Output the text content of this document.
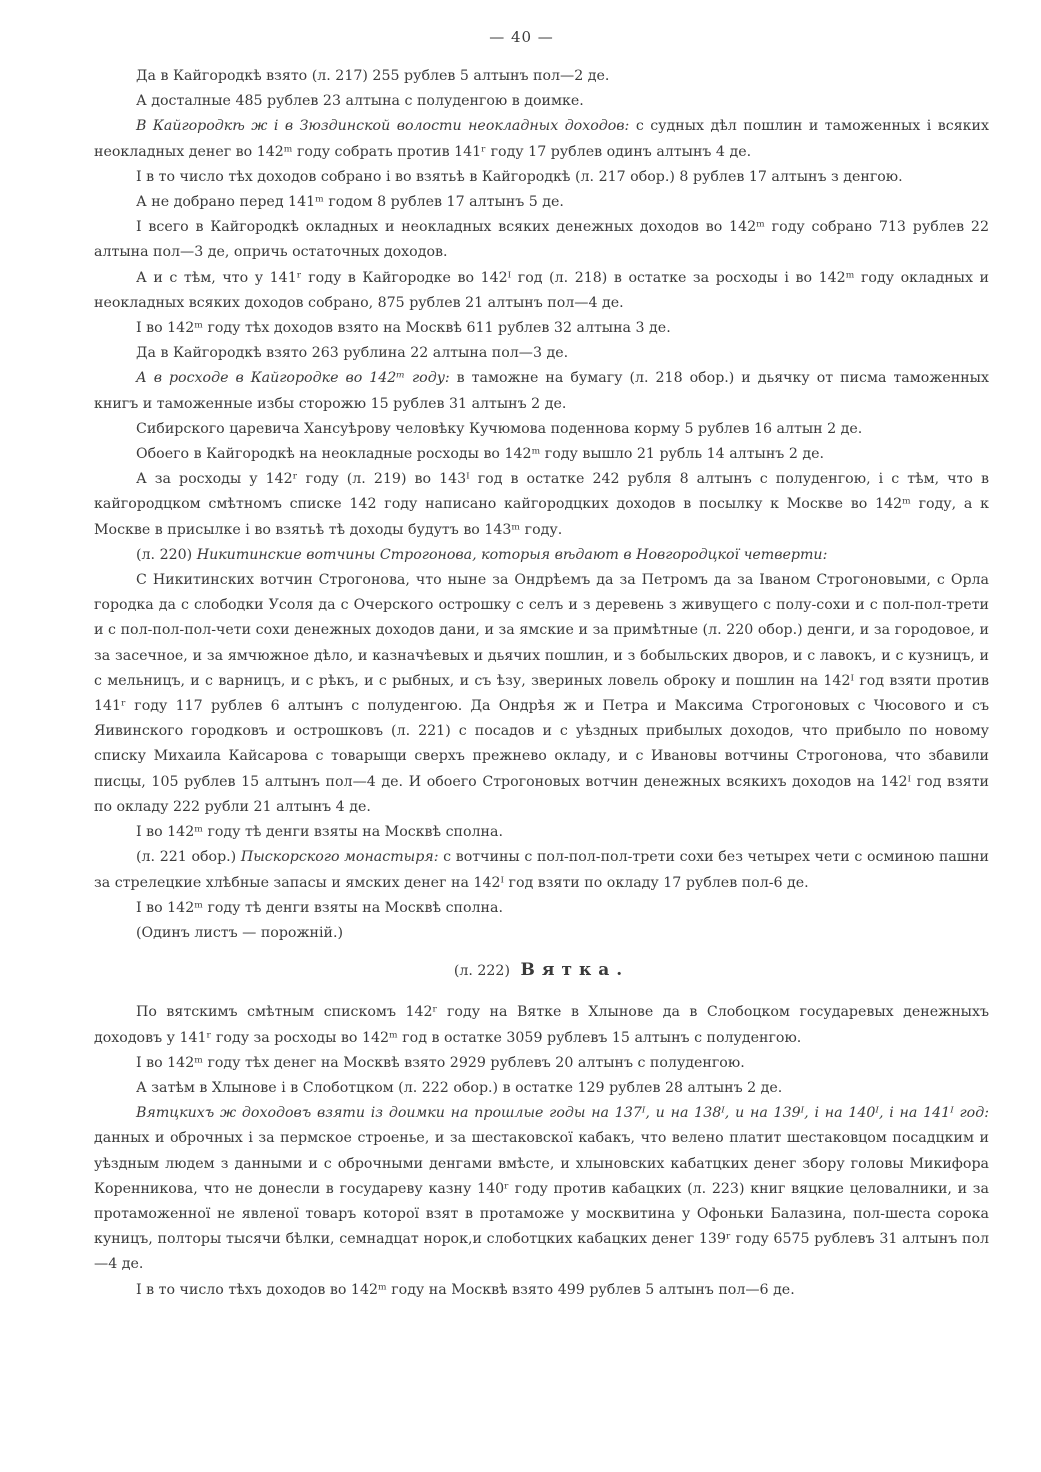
— 40 —

Да в Кайгородкѣ взято (л. 217) 255 рублев 5 алтынъ пол—2 де.

А досталные 485 рублев 23 алтына с полуденгою в доимке.

В Кайгородкѣ ж і в Зюздинской волости неокладных доходов: с судных дѣл пошлин и таможенных і всяких неокладных денег во 142ᵐ году собрать против 141ʳ году 17 рублев одинъ алтынъ 4 де.

І в то число тѣх доходов собрано і во взятьѣ в Кайгородкѣ (л. 217 обор.) 8 рублев 17 алтынъ з денгою.

А не добрано перед 141ᵐ годом 8 рублев 17 алтынъ 5 де.

І всего в Кайгородкѣ окладных и неокладных всяких денежных доходов во 142ᵐ году собрано 713 рублев 22 алтына пол—3 де, опричь остаточных доходов.

А и с тѣм, что у 141ʳ году в Кайгородке во 142ᴵ год (л. 218) в остатке за росходы і во 142ᵐ году окладных и неокладных всяких доходов собрано, 875 рублев 21 алтынъ пол—4 де.

І во 142ᵐ году тѣх доходов взято на Москвѣ 611 рублев 32 алтына 3 де.

Да в Кайгородкѣ взято 263 рублина 22 алтына пол—3 де.

А в росходе в Кайгородке во 142ᵐ году: в таможне на бумагу (л. 218 обор.) и дьячку от писма таможенных книгъ и таможенные избы сторожю 15 рублев 31 алтынъ 2 де.

Сибирского царевича Хансуѣрову человѣку Кучюмова поденнова корму 5 рублев 16 алтын 2 де.

Обоего в Кайгородкѣ на неокладные росходы во 142ᵐ году вышло 21 рубль 14 алтынъ 2 де.

А за росходы у 142ʳ году (л. 219) во 143ᴵ год в остатке 242 рубля 8 алтынъ с полуденгою, і с тѣм, что в кайгородцком смѣтномъ списке 142 году написано кайгородцких доходов в посылку к Москве во 142ᵐ году, а к Москве в присылке і во взятьѣ тѣ доходы будутъ во 143ᵐ году.

(л. 220) Никитинские вотчины Строгонова, которыя вѣдают в Новгородцкої четверти:

С Никитинских вотчин Строгонова, что ныне за Ондрѣемъ да за Петромъ да за Іваном Строгоновыми, с Орла городка да с слободки Усоля да с Очерского острошку с селъ и з деревень з живущего с полу-сохи и с пол-пол-трети и с пол-пол-пол-чети сохи денежных доходов дани, и за ямские и за примѣтные (л. 220 обор.) денги, и за городовое, и за засечное, и за ямчюжное дѣло, и казначѣевых и дьячих пошлин, и з бобыльских дворов, и с лавокъ, и с кузницъ, и с мельницъ, и с варницъ, и с рѣкъ, и с рыбных, и съ ѣзу, звериных ловель оброку и пошлин на 142ᴵ год взяти против 141ʳ году 117 рублев 6 алтынъ с полуденгою. Да Ондрѣя ж и Петра и Максима Строгоновых с Чюсового и съ Яивинского городковъ и острошковъ (л. 221) с посадов и с уѣздных прибылых доходов, что прибыло по новому списку Михаила Кайсарова с товарыщи сверхъ прежнево окладу, и с Ивановы вотчины Строгонова, что збавили писцы, 105 рублев 15 алтынъ пол—4 де. И обоего Строгоновых вотчин денежных всякихъ доходов на 142ᴵ год взяти по окладу 222 рубли 21 алтынъ 4 де.

І во 142ᵐ году тѣ денги взяты на Москвѣ сполна.

(л. 221 обор.) Пыскорского монастыря: с вотчины с пол-пол-пол-трети сохи без четырех чети с осминою пашни за стрелецкие хлѣбные запасы и ямских денег на 142ᴵ год взяти по окладу 17 рублев пол-6 де.

І во 142ᵐ году тѣ денги взяты на Москвѣ сполна.

(Одинъ листъ — порожній.)

(л. 222) Вятка.

По вятскимъ смѣтным спискомъ 142ʳ году на Вятке в Хлынове да в Слобоцком государевых денежныхъ доходовъ у 141ʳ году за росходы во 142ᵐ год в остатке 3059 рублевъ 15 алтынъ с полуденгою.

І во 142ᵐ году тѣх денег на Москвѣ взято 2929 рублевъ 20 алтынъ с полуденгою.

А затѣм в Хлынове і в Слоботцком (л. 222 обор.) в остатке 129 рублев 28 алтынъ 2 де.

Вятцкихъ ж доходовъ взяти із доимки на прошлые годы на 137ᴵ, и на 138ᴵ, и на 139ᴵ, і на 140ᴵ, і на 141ᴵ год: данных и оброчных і за пермское строенье, и за шестаковскої кабакъ, что велено платит шестаковцом посадцким и уѣздным людем з данными и с оброчными денгами вмѣсте, и хлыновских кабатцких денег збору головы Микифора Коренникова, что не донесли в государеву казну 140ʳ году против кабацких (л. 223) книг вяцкие целовалники, и за протаможенної не явленої товаръ которої взят в протаможе у москвитина у Офоньки Балазина, пол-шеста сорока куницъ, полторы тысячи бѣлки, семнадцат норок,и слоботцких кабацких денег 139ʳ году 6575 рублевъ 31 алтынъ пол—4 де.

І в то число тѣхъ доходов во 142ᵐ году на Москвѣ взято 499 рублев 5 алтынъ пол—6 де.
